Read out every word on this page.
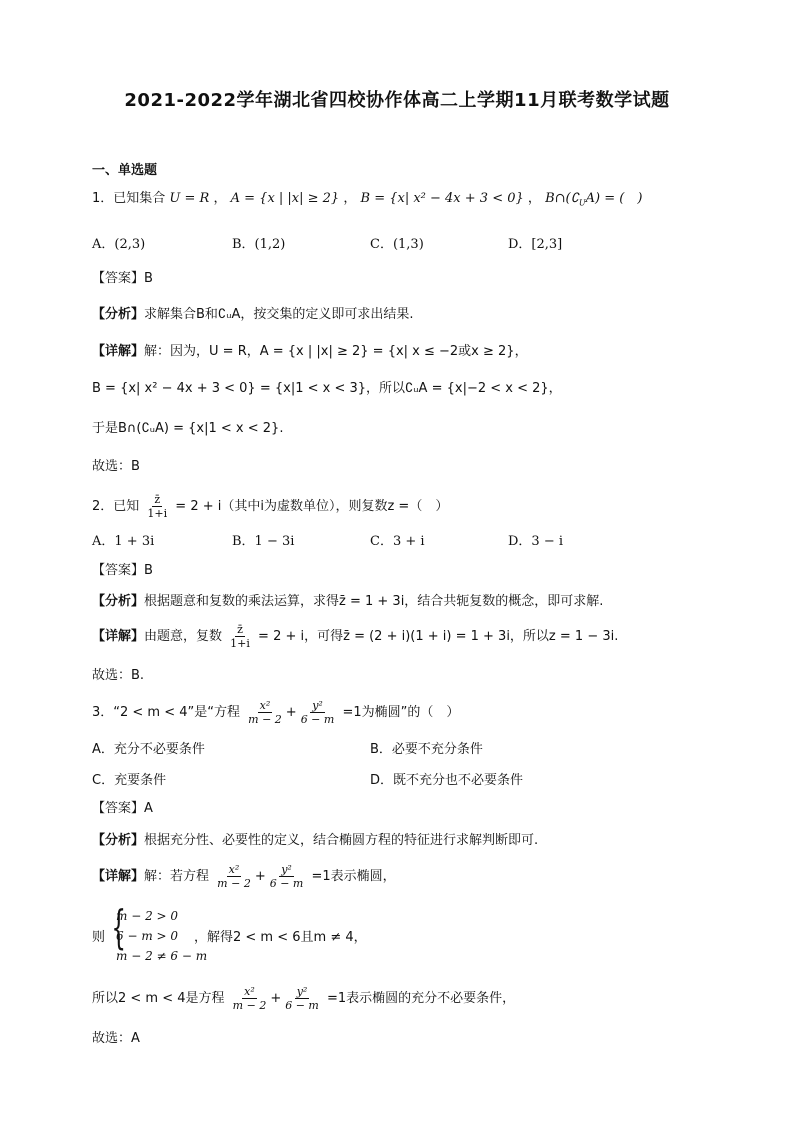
2021-2022学年湖北省四校协作体高二上学期11月联考数学试题
一、单选题
1．已知集合 U = R ， A = {x | |x| ≥ 2} ， B = {x| x² − 4x + 3 < 0} ， $B\cap(∁_UA)$ = (　)
A．(2,3)	B．(1,2)	C．(1,3)	D．[2,3]
【答案】B
【分析】求解集合B和∁ᵤA，按交集的定义即可求出结果.
【详解】解：因为，U = R，A = {x | |x| ≥ 2} = {x| x ≤ −2或x ≥ 2}，
B = {x| x² − 4x + 3 < 0} = {x|1 < x < 3}，所以∁ᵤA = {x|−2 < x < 2}，
于是B∩(∁ᵤA) = {x|1 < x < 2}.
故选：B
2．已知 $\frac{z̄}{1+i} = 2 + i$（其中i为虚数单位），则复数z =（　）
A．1 + 3i	B．1 − 3i	C．3 + i	D．3 − i
【答案】B
【分析】根据题意和复数的乘法运算，求得z̄ = 1 + 3i，结合共轭复数的概念，即可求解.
【详解】由题意，复数 $\frac{z̄}{1+i} = 2 + i$，可得z̄ = (2 + i)(1 + i) = 1 + 3i，所以z = 1 − 3i.
故选：B.
3．“2 < m < 4”是“方程 $\frac{\text{x²}}{m - 2} + \frac{\text{y²}}{6 - m} =1$为椭圆”的（　）
A．充分不必要条件	B．必要不充分条件
C．充要条件	D．既不充分也不必要条件
【答案】A
【分析】根据充分性、必要性的定义，结合椭圆方程的特征进行求解判断即可.
【详解】解：若方程 $\frac{\text{x²}}{m - 2} + \frac{\text{y²}}{6 - m} =1$表示椭圆，
则 {
m − 2 > 0
6 − m > 0
m − 2 ≠ 6 − m
，解得2 < m < 6且m ≠ 4，
所以2 < m < 4是方程 $\frac{\text{x²}}{m - 2} + \frac{\text{y²}}{6 - m} =1$表示椭圆的充分不必要条件，
故选：A
